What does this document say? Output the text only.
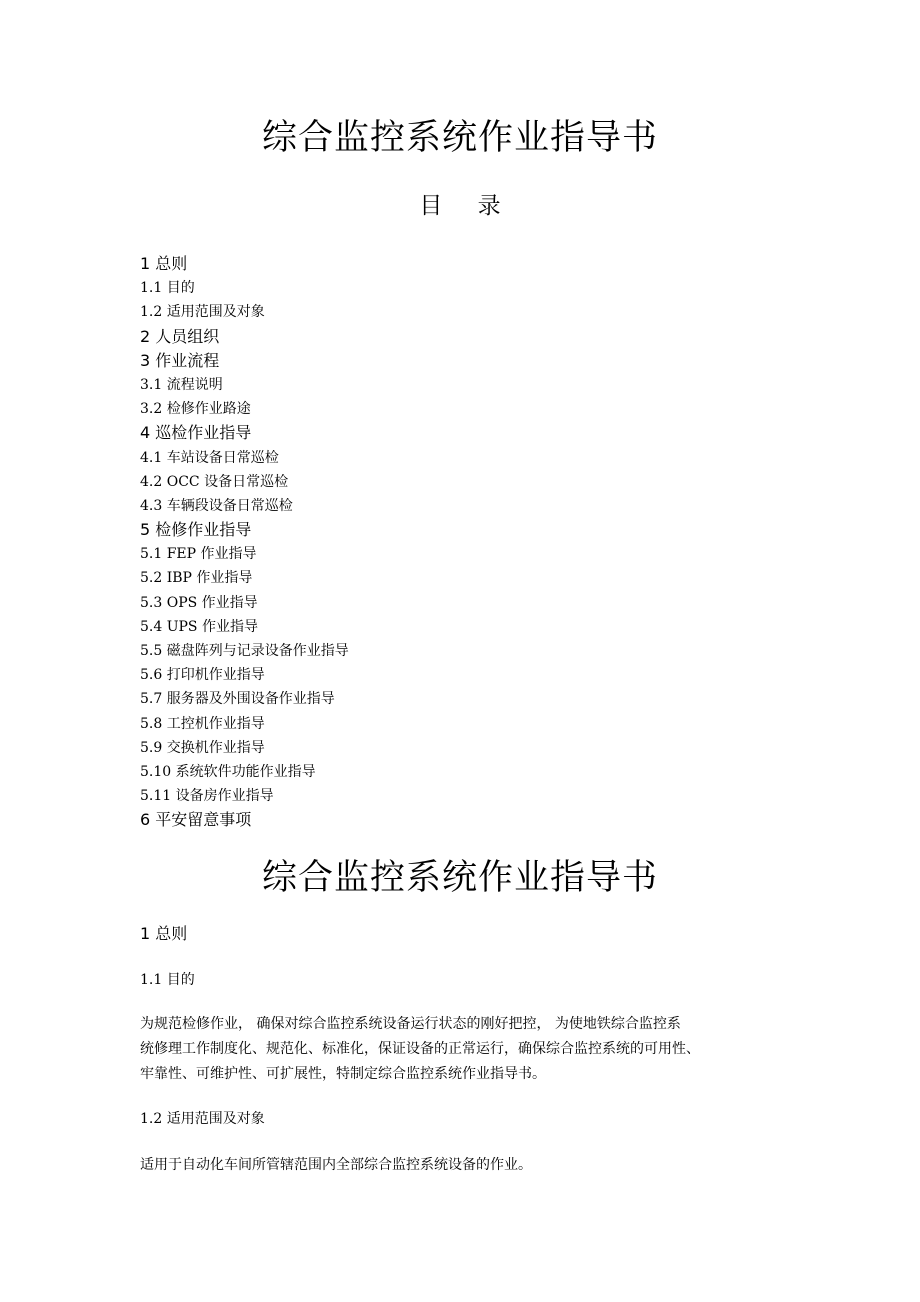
综合监控系统作业指导书
目 录
1 总则
1.1 目的
1.2 适用范围及对象
2 人员组织
3 作业流程
3.1 流程说明
3.2 检修作业路途
4 巡检作业指导
4.1 车站设备日常巡检
4.2 OCC 设备日常巡检
4.3 车辆段设备日常巡检
5 检修作业指导
5.1 FEP 作业指导
5.2 IBP 作业指导
5.3 OPS 作业指导
5.4 UPS 作业指导
5.5 磁盘阵列与记录设备作业指导
5.6 打印机作业指导
5.7 服务器及外围设备作业指导
5.8 工控机作业指导
5.9 交换机作业指导
5.10 系统软件功能作业指导
5.11 设备房作业指导
6 平安留意事项
综合监控系统作业指导书
1 总则
1.1 目的
为规范检修作业， 确保对综合监控系统设备运行状态的刚好把控， 为使地铁综合监控系
统修理工作制度化、规范化、标准化，保证设备的正常运行，确保综合监控系统的可用性、
牢靠性、可维护性、可扩展性，特制定综合监控系统作业指导书。
1.2 适用范围及对象
适用于自动化车间所管辖范围内全部综合监控系统设备的作业。
